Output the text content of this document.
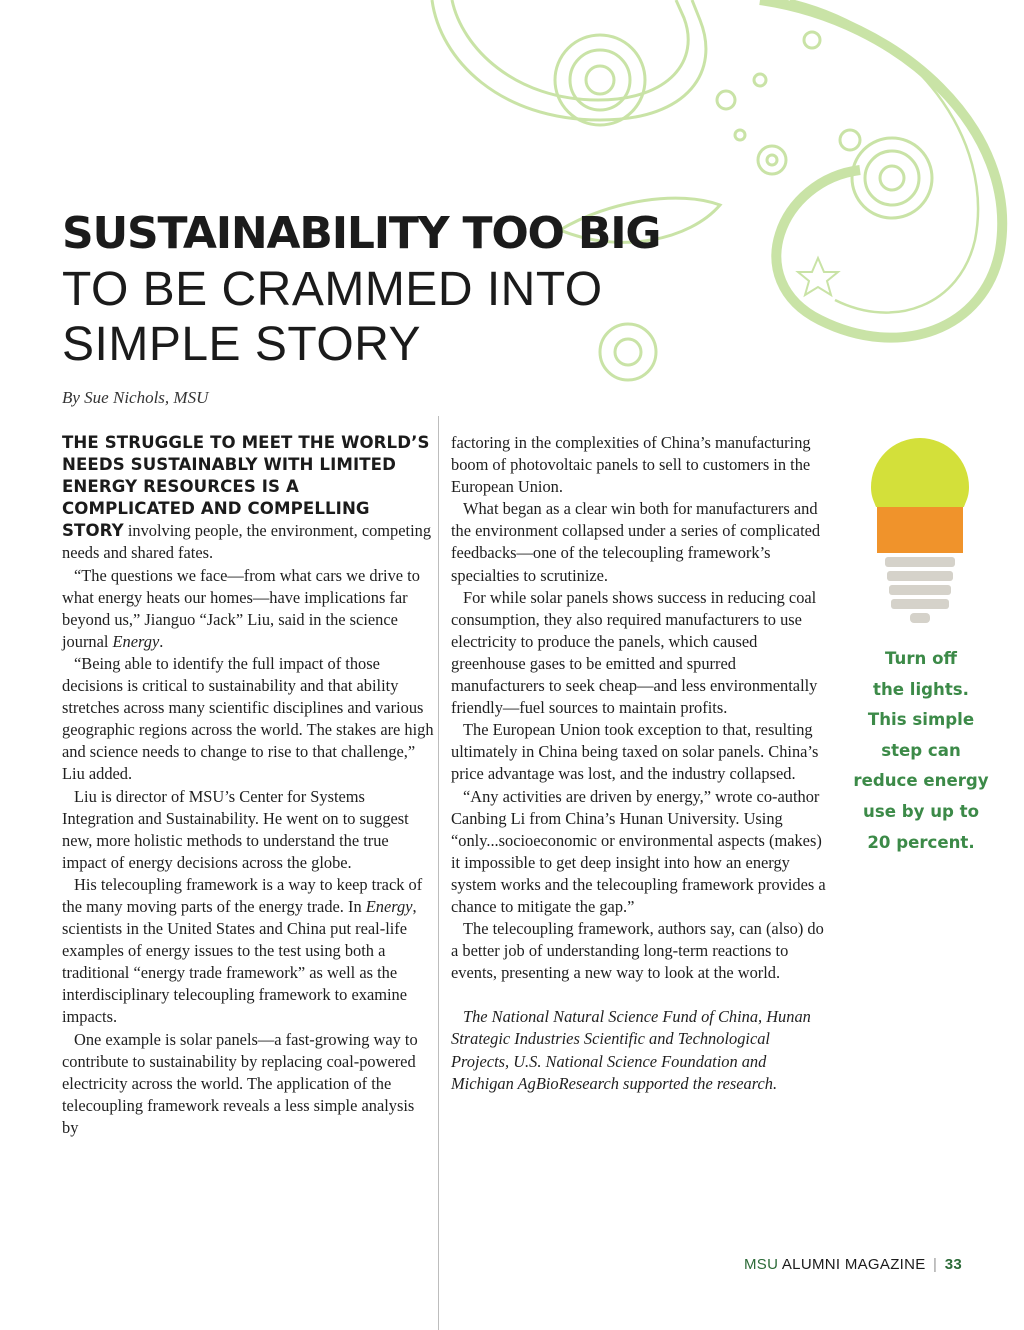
SUSTAINABILITY TOO BIG
TO BE CRAMMED INTO
SIMPLE STORY
By Sue Nichols, MSU

THE STRUGGLE TO MEET THE WORLD’S NEEDS SUSTAINABLY WITH LIMITED ENERGY RESOURCES IS A COMPLICATED AND COMPELLING STORY involving people, the environment, competing needs and shared fates.

“The questions we face—from what cars we drive to what energy heats our homes—have implications far beyond us,” Jianguo “Jack” Liu, said in the science journal Energy.

“Being able to identify the full impact of those decisions is critical to sustainability and that ability stretches across many scientific disciplines and various geographic regions across the world. The stakes are high and science needs to change to rise to that challenge,” Liu added.

Liu is director of MSU’s Center for Systems Integration and Sustainability. He went on to suggest new, more holistic methods to understand the true impact of energy decisions across the globe.

His telecoupling framework is a way to keep track of the many moving parts of the energy trade. In Energy, scientists in the United States and China put real-life examples of energy issues to the test using both a traditional “energy trade framework” as well as the interdisciplinary telecoupling framework to examine impacts.

One example is solar panels—a fast-growing way to contribute to sustainability by replacing coal-powered electricity across the world. The application of the telecoupling framework reveals a less simple analysis by

factoring in the complexities of China’s manufacturing boom of photovoltaic panels to sell to customers in the European Union.

What began as a clear win both for manufacturers and the environment collapsed under a series of complicated feedbacks—one of the telecoupling framework’s specialties to scrutinize.

For while solar panels shows success in reducing coal consumption, they also required manufacturers to use electricity to produce the panels, which caused greenhouse gases to be emitted and spurred manufacturers to seek cheap—and less environmentally friendly—fuel sources to maintain profits.

The European Union took exception to that, resulting ultimately in China being taxed on solar panels. China’s price advantage was lost, and the industry collapsed.

“Any activities are driven by energy,” wrote co-author Canbing Li from China’s Hunan University. Using “only...socioeconomic or environmental aspects (makes) it impossible to get deep insight into how an energy system works and the telecoupling framework provides a chance to mitigate the gap.”

The telecoupling framework, authors say, can (also) do a better job of understanding long-term reactions to events, presenting a new way to look at the world.

The National Natural Science Fund of China, Hunan Strategic Industries Scientific and Technological Projects, U.S. National Science Foundation and Michigan AgBioResearch supported the research.

Turn off
the lights.
This simple
step can
reduce energy
use by up to
20 percent.
MSU ALUMNI MAGAZINE | 33
